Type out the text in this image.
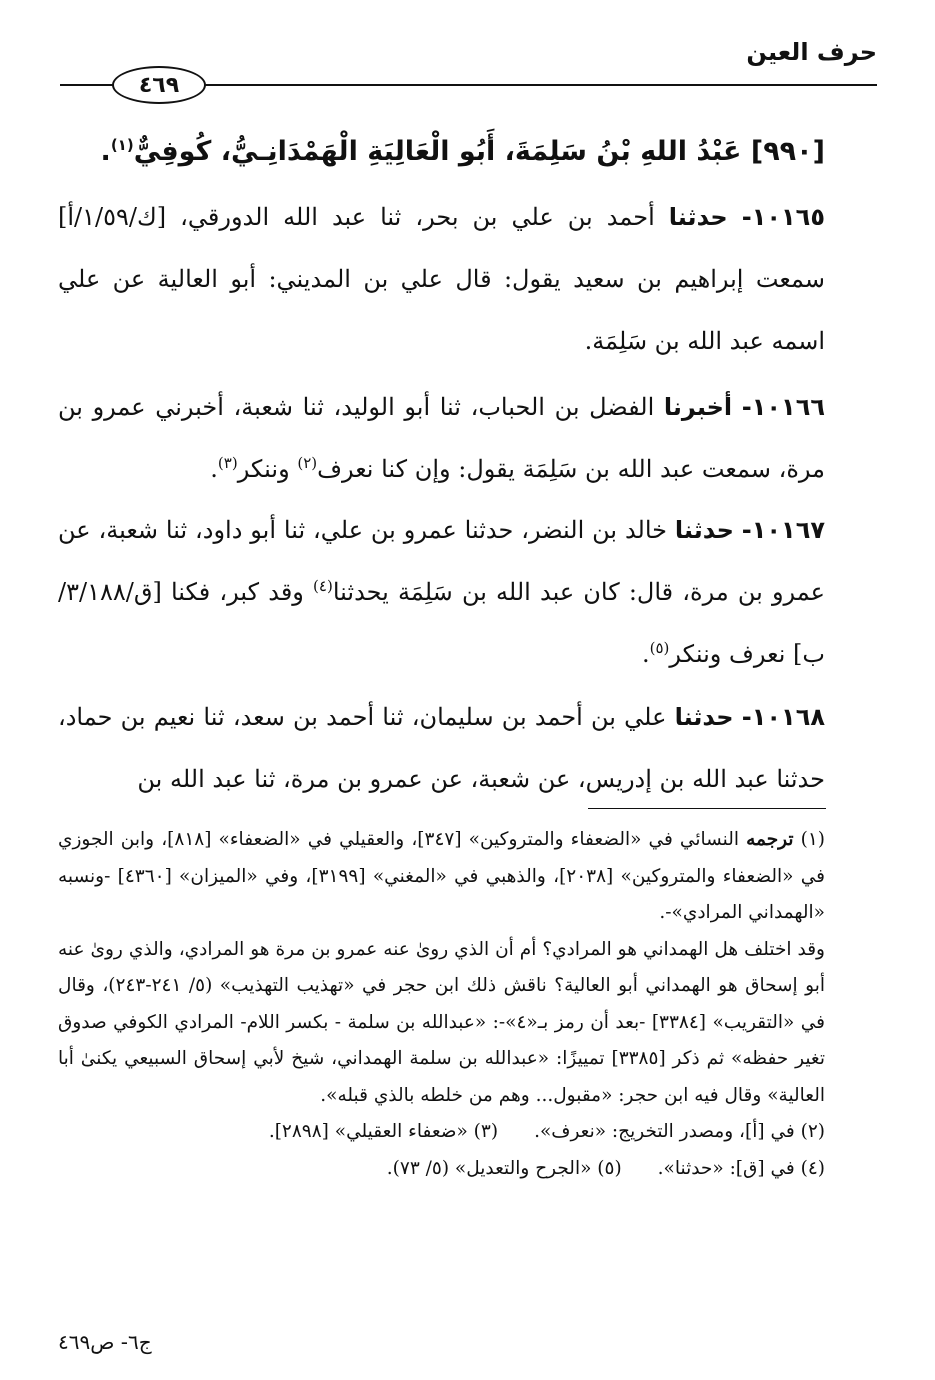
حرف العين
٤٦٩
[٩٩٠] عَبْدُ اللهِ بْنُ سَلِمَةَ، أَبُو الْعَالِيَةِ الْهَمْدَانِـيُّ، كُوفِيٌّ$^{(١)}$.
١٠١٦٥- حدثنا أحمد بن علي بن بحر، ثنا عبد الله الدورقي، [ك/١/٥٩/أ] سمعت إبراهيم بن سعيد يقول: قال علي بن المديني: أبو العالية عن علي اسمه عبد الله بن سَلِمَة.
١٠١٦٦- أخبرنا الفضل بن الحباب، ثنا أبو الوليد، ثنا شعبة، أخبرني عمرو بن مرة، سمعت عبد الله بن سَلِمَة يقول: وإن كنا نعرف$^{(٢)}$ وننكر$^{(٣)}$.
١٠١٦٧- حدثنا خالد بن النضر، حدثنا عمرو بن علي، ثنا أبو داود، ثنا شعبة، عن عمرو بن مرة، قال: كان عبد الله بن سَلِمَة يحدثنا$^{(٤)}$ وقد كبر، فكنا [ق/٣/١٨٨/ب] نعرف وننكر$^{(٥)}$.
١٠١٦٨- حدثنا علي بن أحمد بن سليمان، ثنا أحمد بن سعد، ثنا نعيم بن حماد، حدثنا عبد الله بن إدريس، عن شعبة، عن عمرو بن مرة، ثنا عبد الله بن

(١) ترجمه النسائي في «الضعفاء والمتروكين» [٣٤٧]، والعقيلي في «الضعفاء» [٨١٨]، وابن الجوزي في «الضعفاء والمتروكين» [٢٠٣٨]، والذهبي في «المغني» [٣١٩٩]، وفي «الميزان» [٤٣٦٠] -ونسبه «الهمداني المرادي»-.

وقد اختلف هل الهمداني هو المرادي؟ أم أن الذي روىٰ عنه عمرو بن مرة هو المرادي، والذي روىٰ عنه أبو إسحاق هو الهمداني أبو العالية؟ ناقش ذلك ابن حجر في «تهذيب التهذيب» (٥/ ٢٤١-٢٤٣)، وقال في «التقريب» [٣٣٨٤] -بعد أن رمز بـ«٤»-: «عبدالله بن سلمة - بكسر اللام- المرادي الكوفي صدوق تغير حفظه» ثم ذكر [٣٣٨٥] تمييزًا: «عبدالله بن سلمة الهمداني، شيخ لأبي إسحاق السبيعي يكنىٰ أبا العالية» وقال فيه ابن حجر: «مقبول... وهم من خلطه بالذي قبله».

(٢) في [أ]، ومصدر التخريج: «نعرف».
(٣) «ضعفاء العقيلي» [٢٨٩٨].
(٤) في [ق]: «حدثنا».
(٥) «الجرح والتعديل» (٥/ ٧٣).
ج٦- ص٤٦٩
